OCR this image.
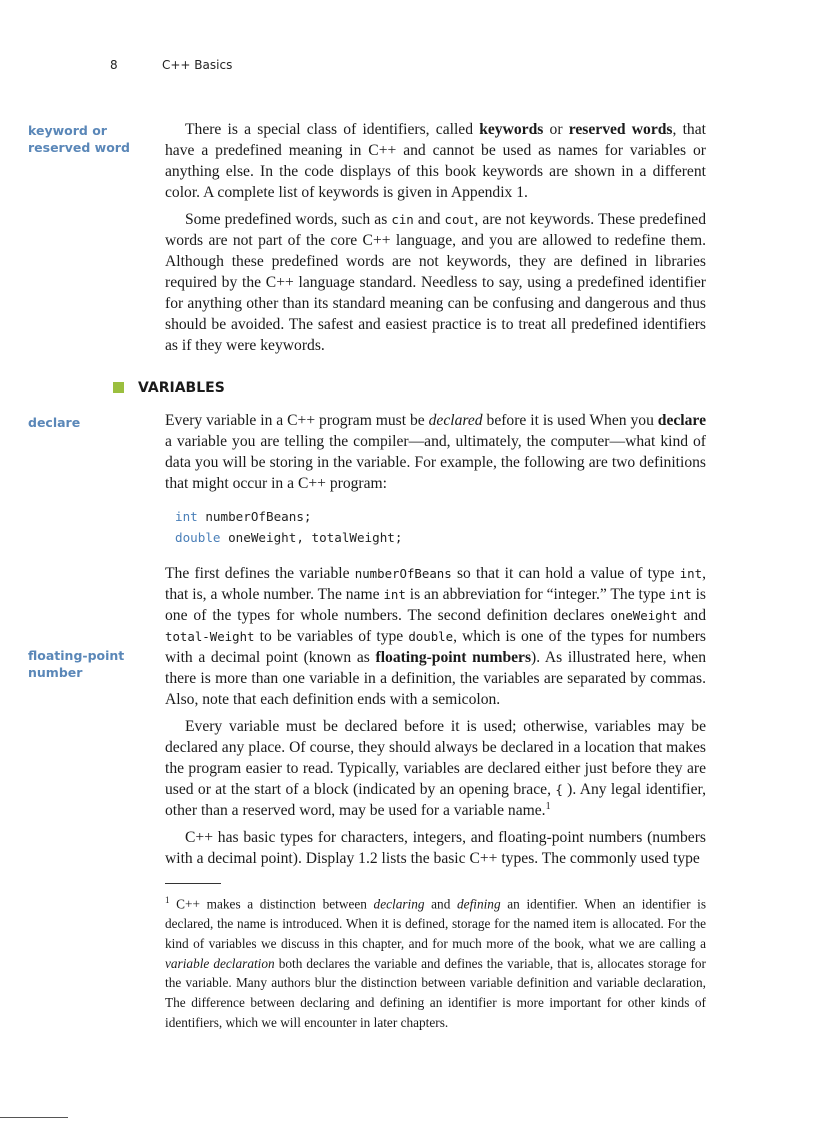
8	C++ Basics
keyword or reserved word

There is a special class of identifiers, called keywords or reserved words, that have a predefined meaning in C++ and cannot be used as names for variables or anything else. In the code displays of this book keywords are shown in a different color. A complete list of keywords is given in Appendix 1.

Some predefined words, such as cin and cout, are not keywords. These predefined words are not part of the core C++ language, and you are allowed to redefine them. Although these predefined words are not keywords, they are defined in libraries required by the C++ language standard. Needless to say, using a predefined identifier for anything other than its standard meaning can be confusing and dangerous and thus should be avoided. The safest and easiest practice is to treat all predefined identifiers as if they were keywords.

VARIABLES
declare	Every variable in a C++ program must be declared before it is used When you declare a variable you are telling the compiler—and, ultimately, the computer—what kind of data you will be storing in the variable. For example, the following are two definitions that might occur in a C++ program:

int numberOfBeans;
double oneWeight, totalWeight;
floating-point number

The first defines the variable numberOfBeans so that it can hold a value of type int, that is, a whole number. The name int is an abbreviation for “integer.” The type int is one of the types for whole numbers. The second definition declares oneWeight and total-Weight to be variables of type double, which is one of the types for numbers with a decimal point (known as floating-point numbers). As illustrated here, when there is more than one variable in a definition, the variables are separated by commas. Also, note that each definition ends with a semicolon.

Every variable must be declared before it is used; otherwise, variables may be declared any place. Of course, they should always be declared in a location that makes the program easier to read. Typically, variables are declared either just before they are used or at the start of a block (indicated by an opening brace, { ). Any legal identifier, other than a reserved word, may be used for a variable name.$^1$

C++ has basic types for characters, integers, and floating-point numbers (numbers with a decimal point). Display 1.2 lists the basic C++ types. The commonly used type

$^1$ C++ makes a distinction between declaring and defining an identifier. When an identifier is declared, the name is introduced. When it is defined, storage for the named item is allocated. For the kind of variables we discuss in this chapter, and for much more of the book, what we are calling a variable declaration both declares the variable and defines the variable, that is, allocates storage for the variable. Many authors blur the distinction between variable definition and variable declaration, The difference between declaring and defining an identifier is more important for other kinds of identifiers, which we will encounter in later chapters.
